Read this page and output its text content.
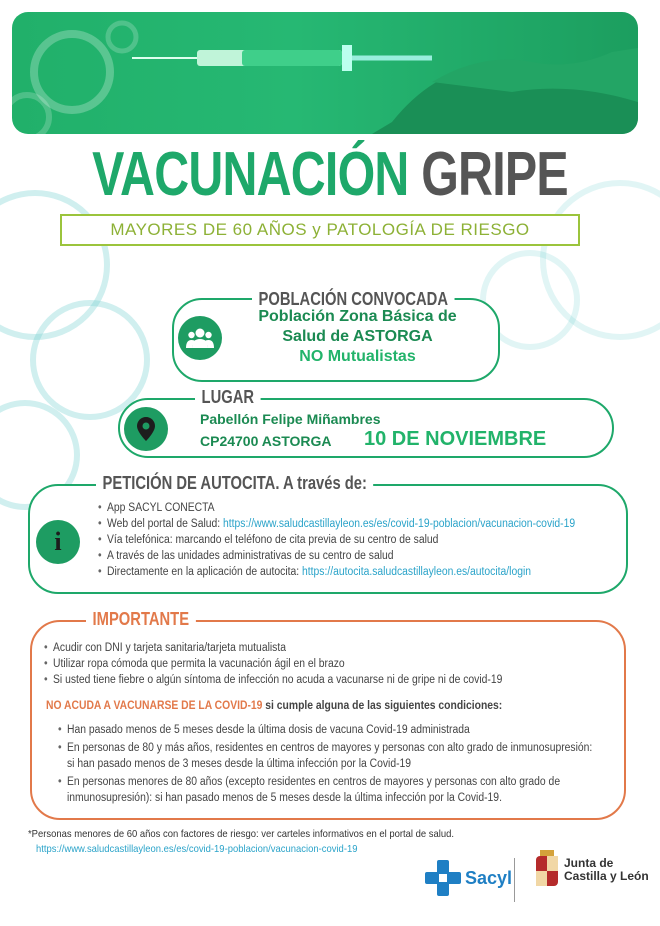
VACUNACIÓN GRIPE
MAYORES DE 60 AÑOS y PATOLOGÍA DE RIESGO
POBLACIÓN CONVOCADA
Población Zona Básica de
Salud de ASTORGA
NO Mutualistas
LUGAR
Pabellón Felipe Miñambres
CP24700 ASTORGA 10 DE NOVIEMBRE
PETICIÓN DE AUTOCITA. A través de:
i
• App SACYL CONECTA
• Web del portal de Salud: https://www.saludcastillayleon.es/es/covid-19-poblacion/vacunacion-covid-19
• Vía telefónica: marcando el teléfono de cita previa de su centro de salud
• A través de las unidades administrativas de su centro de salud
• Directamente en la aplicación de autocita: https://autocita.saludcastillayleon.es/autocita/login
IMPORTANTE
• Acudir con DNI y tarjeta sanitaria/tarjeta mutualista
• Utilizar ropa cómoda que permita la vacunación ágil en el brazo
• Si usted tiene fiebre o algún síntoma de infección no acuda a vacunarse ni de gripe ni de covid-19
NO ACUDA A VACUNARSE DE LA COVID-19 si cumple alguna de las siguientes condiciones:
• Han pasado menos de 5 meses desde la última dosis de vacuna Covid-19 administrada
• En personas de 80 y más años, residentes en centros de mayores y personas con alto grado de inmunosupresión:
si han pasado menos de 3 meses desde la última infección por la Covid-19
• En personas menores de 80 años (excepto residentes en centros de mayores y personas con alto grado de
inmunosupresión): si han pasado menos de 5 meses desde la última infección por la Covid-19.
*Personas menores de 60 años con factores de riesgo: ver carteles informativos en el portal de salud.
https://www.saludcastillayleon.es/es/covid-19-poblacion/vacunacion-covid-19
Sacyl
Junta de
Castilla y León
